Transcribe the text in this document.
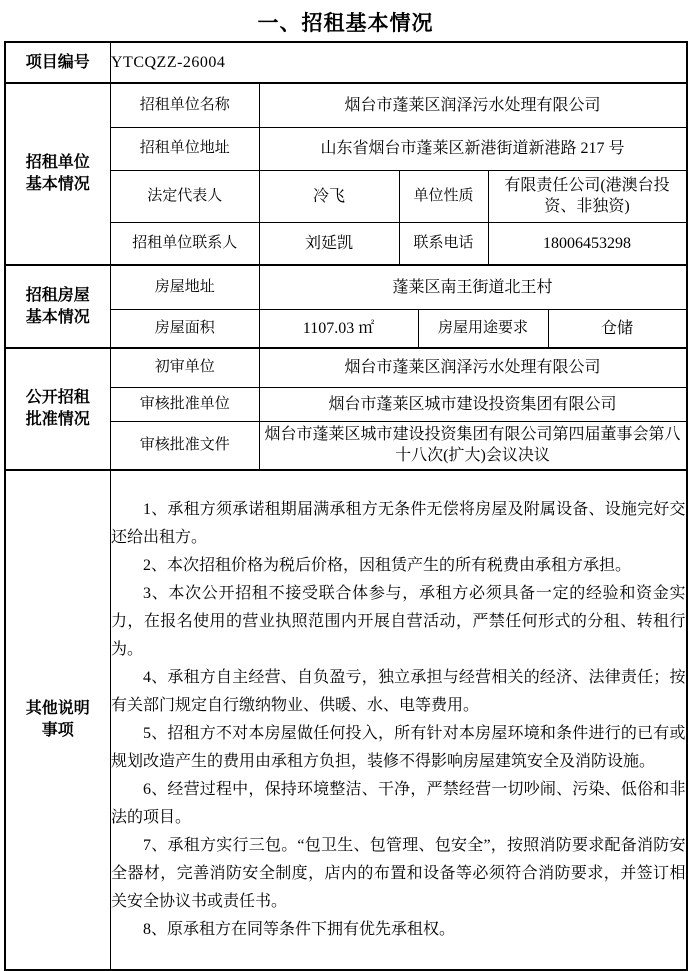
一、招租基本情况
项目编号	YTCQZZ-26004

招租单位
基本情况

招租单位名称	烟台市蓬莱区润泽污水处理有限公司
招租单位地址	山东省烟台市蓬莱区新港街道新港路 217 号
法定代表人	冷飞	单位性质	有限责任公司(港澳台投资、非独资)
招租单位联系人	刘延凯	联系电话	18006453298

招租房屋
基本情况

房屋地址	蓬莱区南王街道北王村
房屋面积	1107.03 ㎡	房屋用途要求	仓储

公开招租
批准情况

初审单位	烟台市蓬莱区润泽污水处理有限公司
审核批准单位	烟台市蓬莱区城市建设投资集团有限公司
审核批准文件	烟台市蓬莱区城市建设投资集团有限公司第四届董事会第八十八次(扩大)会议决议

其他说明
事项

1、承租方须承诺租期届满承租方无条件无偿将房屋及附属设备、设施完好交还给出租方。

2、本次招租价格为税后价格，因租赁产生的所有税费由承租方承担。

3、本次公开招租不接受联合体参与，承租方必须具备一定的经验和资金实力，在报名使用的营业执照范围内开展自营活动，严禁任何形式的分租、转租行为。

4、承租方自主经营、自负盈亏，独立承担与经营相关的经济、法律责任；按有关部门规定自行缴纳物业、供暖、水、电等费用。

5、招租方不对本房屋做任何投入，所有针对本房屋环境和条件进行的已有或规划改造产生的费用由承租方负担，装修不得影响房屋建筑安全及消防设施。

6、经营过程中，保持环境整洁、干净，严禁经营一切吵闹、污染、低俗和非法的项目。

7、承租方实行三包。“包卫生、包管理、包安全”，按照消防要求配备消防安全器材，完善消防安全制度，店内的布置和设备等必须符合消防要求，并签订相关安全协议书或责任书。

8、原承租方在同等条件下拥有优先承租权。
